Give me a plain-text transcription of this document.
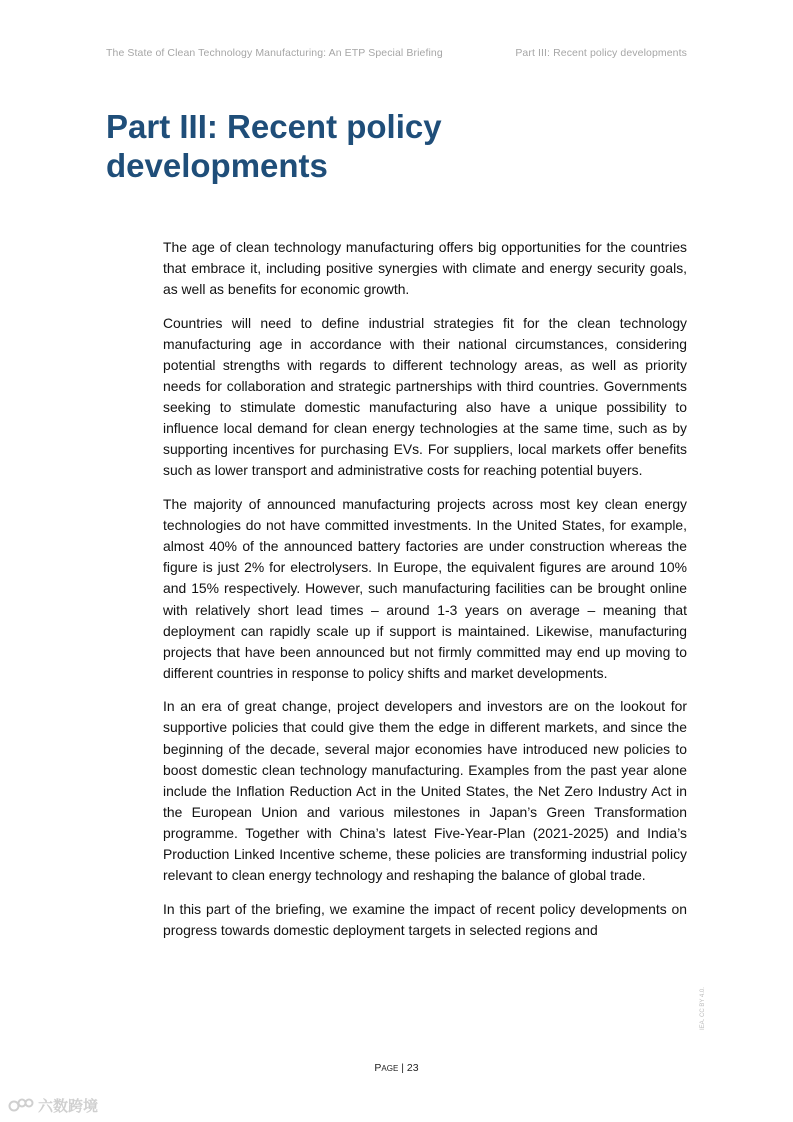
The State of Clean Technology Manufacturing: An ETP Special Briefing	Part III: Recent policy developments
Part III: Recent policy developments

The age of clean technology manufacturing offers big opportunities for the countries that embrace it, including positive synergies with climate and energy security goals, as well as benefits for economic growth.

Countries will need to define industrial strategies fit for the clean technology manufacturing age in accordance with their national circumstances, considering potential strengths with regards to different technology areas, as well as priority needs for collaboration and strategic partnerships with third countries. Governments seeking to stimulate domestic manufacturing also have a unique possibility to influence local demand for clean energy technologies at the same time, such as by supporting incentives for purchasing EVs. For suppliers, local markets offer benefits such as lower transport and administrative costs for reaching potential buyers.

The majority of announced manufacturing projects across most key clean energy technologies do not have committed investments. In the United States, for example, almost 40% of the announced battery factories are under construction whereas the figure is just 2% for electrolysers. In Europe, the equivalent figures are around 10% and 15% respectively. However, such manufacturing facilities can be brought online with relatively short lead times – around 1-3 years on average – meaning that deployment can rapidly scale up if support is maintained. Likewise, manufacturing projects that have been announced but not firmly committed may end up moving to different countries in response to policy shifts and market developments.

In an era of great change, project developers and investors are on the lookout for supportive policies that could give them the edge in different markets, and since the beginning of the decade, several major economies have introduced new policies to boost domestic clean technology manufacturing. Examples from the past year alone include the Inflation Reduction Act in the United States, the Net Zero Industry Act in the European Union and various milestones in Japan’s Green Transformation programme. Together with China’s latest Five-Year-Plan (2021-2025) and India’s Production Linked Incentive scheme, these policies are transforming industrial policy relevant to clean energy technology and reshaping the balance of global trade.

In this part of the briefing, we examine the impact of recent policy developments on progress towards domestic deployment targets in selected regions and

PAGE | 23
IEA. CC BY 4.0.
六数跨境
